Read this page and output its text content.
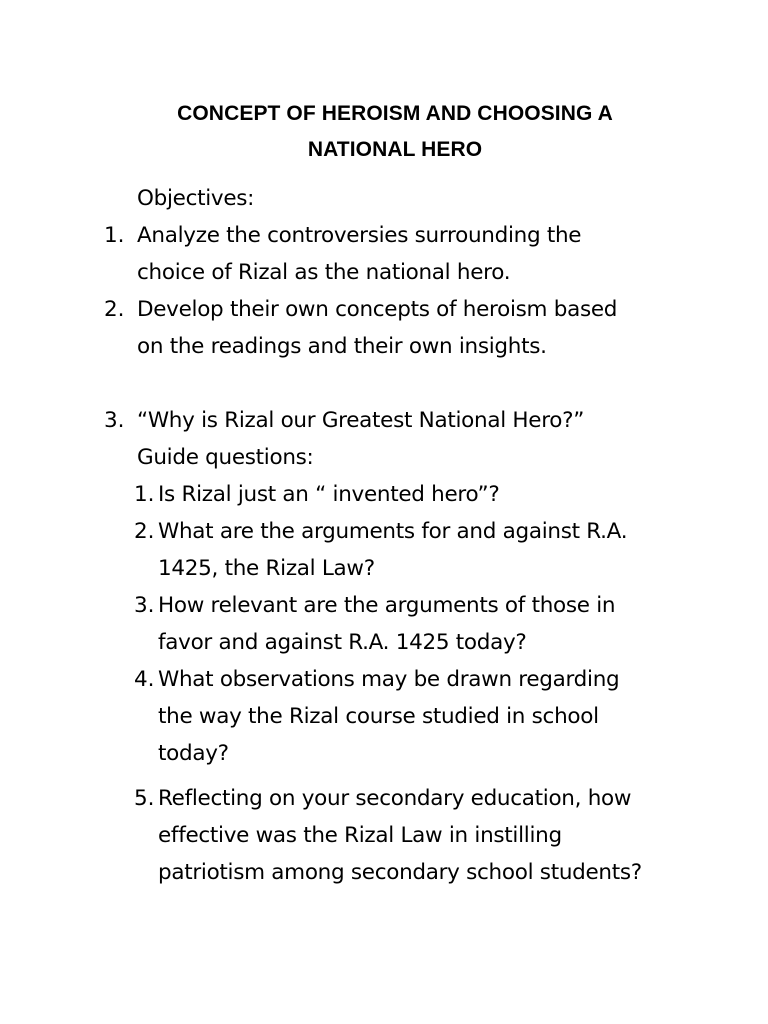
CONCEPT OF HEROISM AND CHOOSING A
NATIONAL HERO
Objectives:
1. Analyze the controversies surrounding the
choice of Rizal as the national hero.
2. Develop their own concepts of heroism based
on the readings and their own insights.
3. “Why is Rizal our Greatest National Hero?”
Guide questions:
1. Is Rizal just an “ invented hero”?
2. What are the arguments for and against R.A.
1425, the Rizal Law?
3. How relevant are the arguments of those in
favor and against R.A. 1425 today?
4. What observations may be drawn regarding
the way the Rizal course studied in school
today?
5. Reflecting on your secondary education, how
effective was the Rizal Law in instilling
patriotism among secondary school students?
